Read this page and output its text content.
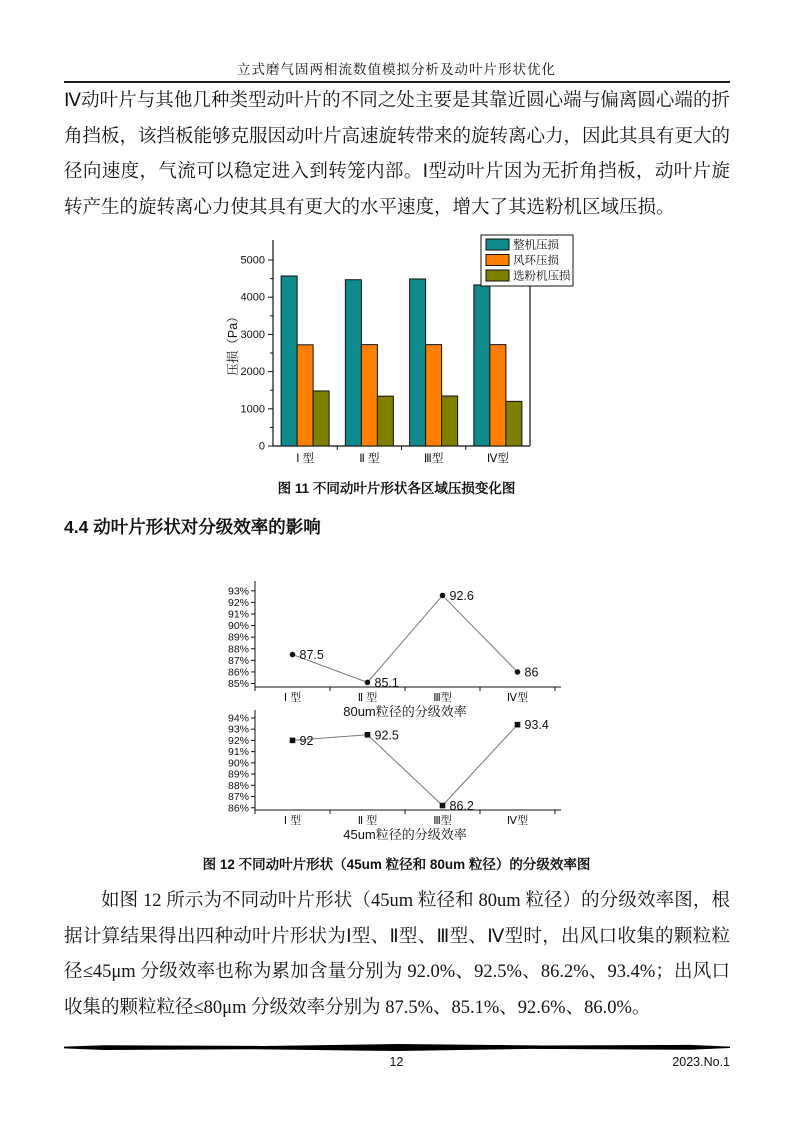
立式磨气固两相流数值模拟分析及动叶片形状优化
Ⅳ动叶片与其他几种类型动叶片的不同之处主要是其靠近圆心端与偏离圆心端的折角挡板，该挡板能够克服因动叶片高速旋转带来的旋转离心力，因此其具有更大的径向速度，气流可以稳定进入到转笼内部。Ⅰ型动叶片因为无折角挡板，动叶片旋转产生的旋转离心力使其具有更大的水平速度，增大了其选粉机区域压损。
0
1000
2000
3000
4000
5000
Ⅰ 型	Ⅱ 型	Ⅲ型	Ⅳ型
压损（Pa）
整机压损
风环压损
选粉机压损
图 11 不同动叶片形状各区域压损变化图
4.4 动叶片形状对分级效率的影响
85%
86%
87%
88%
89%
90%
91%
92%
93%
87.5
Ⅰ 型
85.1
Ⅱ 型
92.6
Ⅲ型
86
Ⅳ型
80um粒径的分级效率
86%
87%
88%
89%
90%
91%
92%
93%
94%
92
Ⅰ 型
92.5
Ⅱ 型
86.2
Ⅲ型
93.4
Ⅳ型
45um粒径的分级效率
图 12 不同动叶片形状（45um 粒径和 80um 粒径）的分级效率图
如图 12 所示为不同动叶片形状（45um 粒径和 80um 粒径）的分级效率图，根据计算结果得出四种动叶片形状为Ⅰ型、Ⅱ型、Ⅲ型、Ⅳ型时，出风口收集的颗粒粒径≤45μm 分级效率也称为累加含量分别为 92.0%、92.5%、86.2%、93.4%；出风口收集的颗粒粒径≤80μm 分级效率分别为 87.5%、85.1%、92.6%、86.0%。
12	2023.No.1
